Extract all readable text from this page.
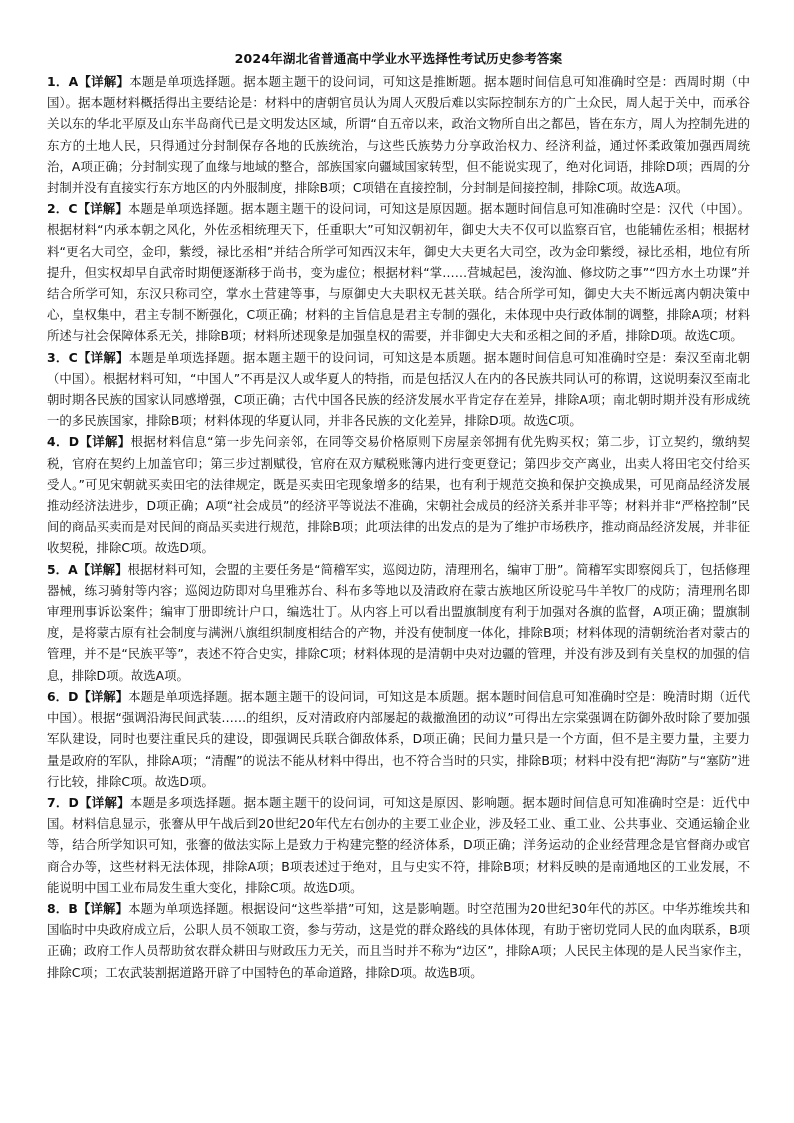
2024年湖北省普通高中学业水平选择性考试历史参考答案

1．A【详解】本题是单项选择题。据本题主题干的设问词，可知这是推断题。据本题时间信息可知准确时空是：西周时期（中国）。据本题材料概括得出主要结论是：材料中的唐朝官员认为周人灭殷后难以实际控制东方的广土众民，周人起于关中，而承谷关以东的华北平原及山东半岛商代已是文明发达区域，所谓“自五帝以来，政治文物所自出之都邑，皆在东方，周人为控制先进的东方的土地人民，只得通过分封制保存各地的氏族统治，与这些氏族势力分享政治权力、经济利益，通过怀柔政策加强西周统治，A项正确；分封制实现了血缘与地域的整合，部族国家向疆域国家转型，但不能说实现了，绝对化词语，排除D项；西周的分封制并没有直接实行东方地区的内外服制度，排除B项；C项错在直接控制，分封制是间接控制，排除C项。故选A项。

2．C【详解】本题是单项选择题。据本题主题干的设问词，可知这是原因题。据本题时间信息可知准确时空是：汉代（中国）。根据材料“内承本朝之风化，外佐丞相统理天下，任重职大”可知汉朝初年，御史大夫不仅可以监察百官，也能辅佐丞相；根据材料“更名大司空，金印，紫绶，禄比丞相”并结合所学可知西汉末年，御史大夫更名大司空，改为金印紫绶，禄比丞相，地位有所提升，但实权却早自武帝时期便逐渐移于尚书，变为虚位；根据材料“掌……营城起邑，浚沟洫、修坟防之事”“四方水土功课”并结合所学可知，东汉只称司空，掌水土营建等事，与原御史大夫职权无甚关联。结合所学可知，御史大夫不断远离内朝决策中心，皇权集中，君主专制不断强化，C项正确；材料的主旨信息是君主专制的强化，未体现中央行政体制的调整，排除A项；材料所述与社会保障体系无关，排除B项；材料所述现象是加强皇权的需要，并非御史大夫和丞相之间的矛盾，排除D项。故选C项。

3．C【详解】本题是单项选择题。据本题主题干的设问词，可知这是本质题。据本题时间信息可知准确时空是：秦汉至南北朝（中国）。根据材料可知，“中国人”不再是汉人或华夏人的特指，而是包括汉人在内的各民族共同认可的称谓，这说明秦汉至南北朝时期各民族的国家认同感增强，C项正确；古代中国各民族的经济发展水平肯定存在差异，排除A项；南北朝时期并没有形成统一的多民族国家，排除B项；材料体现的华夏认同，并非各民族的文化差异，排除D项。故选C项。

4．D【详解】根据材料信息“第一步先问亲邻，在同等交易价格原则下房屋亲邻拥有优先购买权；第二步，订立契约，缴纳契税，官府在契约上加盖官印；第三步过割赋役，官府在双方赋税账簿内进行变更登记；第四步交产离业，出卖人将田宅交付给买受人。”可见宋朝就买卖田宅的法律规定，既是买卖田宅现象增多的结果，也有利于规范交换和保护交换成果，可见商品经济发展推动经济法进步，D项正确；A项“社会成员”的经济平等说法不准确，宋朝社会成员的经济关系并非平等；材料并非“严格控制”民间的商品买卖而是对民间的商品买卖进行规范，排除B项；此项法律的出发点的是为了维护市场秩序，推动商品经济发展，并非征收契税，排除C项。故选D项。

5．A【详解】根据材料可知，会盟的主要任务是“简稽军实，巡阅边防，清理刑名，编审丁册”。简稽军实即察阅兵丁，包括修理器械，练习骑射等内容；巡阅边防即对乌里雅苏台、科布多等地以及清政府在蒙古族地区所设驼马牛羊牧厂的戍防；清理刑名即审理刑事诉讼案件；编审丁册即统计户口，编选壮丁。从内容上可以看出盟旗制度有利于加强对各旗的监督，A项正确；盟旗制度，是将蒙古原有社会制度与满洲八旗组织制度相结合的产物，并没有使制度一体化，排除B项；材料体现的清朝统治者对蒙古的管理，并不是“民族平等”，表述不符合史实，排除C项；材料体现的是清朝中央对边疆的管理，并没有涉及到有关皇权的加强的信息，排除D项。故选A项。

6．D【详解】本题是单项选择题。据本题主题干的设问词，可知这是本质题。据本题时间信息可知准确时空是：晚清时期（近代中国）。根据“强调沿海民间武装……的组织，反对清政府内部屡起的裁撤渔团的动议”可得出左宗棠强调在防御外敌时除了要加强军队建设，同时也要注重民兵的建设，即强调民兵联合御敌体系，D项正确；民间力量只是一个方面，但不是主要力量，主要力量是政府的军队，排除A项；“清醒”的说法不能从材料中得出，也不符合当时的只实，排除B项；材料中没有把“海防”与“塞防”进行比较，排除C项。故选D项。

7．D【详解】本题是多项选择题。据本题主题干的设问词，可知这是原因、影响题。据本题时间信息可知准确时空是：近代中国。材料信息显示，张謇从甲午战后到20世纪20年代左右创办的主要工业企业，涉及轻工业、重工业、公共事业、交通运输企业等，结合所学知识可知，张謇的做法实际上是致力于构建完整的经济体系，D项正确；洋务运动的企业经营理念是官督商办或官商合办等，这些材料无法体现，排除A项；B项表述过于绝对，且与史实不符，排除B项；材料反映的是南通地区的工业发展，不能说明中国工业布局发生重大变化，排除C项。故选D项。

8．B【详解】本题为单项选择题。根据设问“这些举措”可知，这是影响题。时空范围为20世纪30年代的苏区。中华苏维埃共和国临时中央政府成立后，公职人员不领取工资，参与劳动，这是党的群众路线的具体体现，有助于密切党同人民的血肉联系，B项正确；政府工作人员帮助贫农群众耕田与财政压力无关，而且当时并不称为“边区”，排除A项；人民民主体现的是人民当家作主，排除C项；工农武装割据道路开辟了中国特色的革命道路，排除D项。故选B项。
